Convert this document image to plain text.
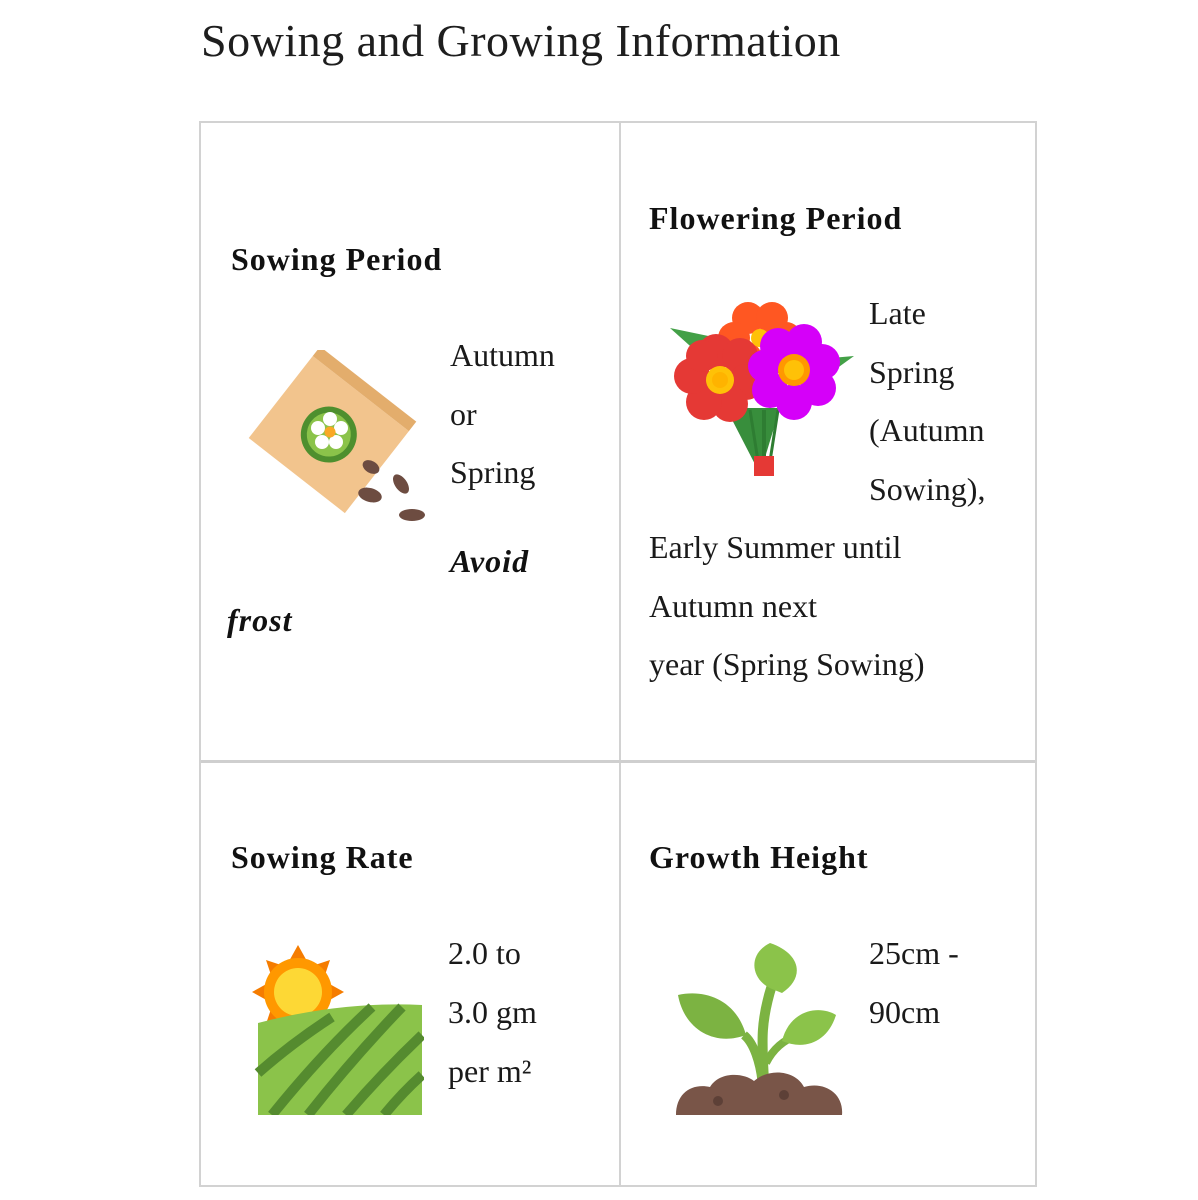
Sowing and Growing Information
Sowing Period
Autumn
or
Spring
Avoid
frost
Flowering Period
Late
Spring
(Autumn
Sowing),
Early Summer until
Autumn next
year (Spring Sowing)
Sowing Rate
2.0 to
3.0 gm
per m²
Growth Height
25cm -
90cm
